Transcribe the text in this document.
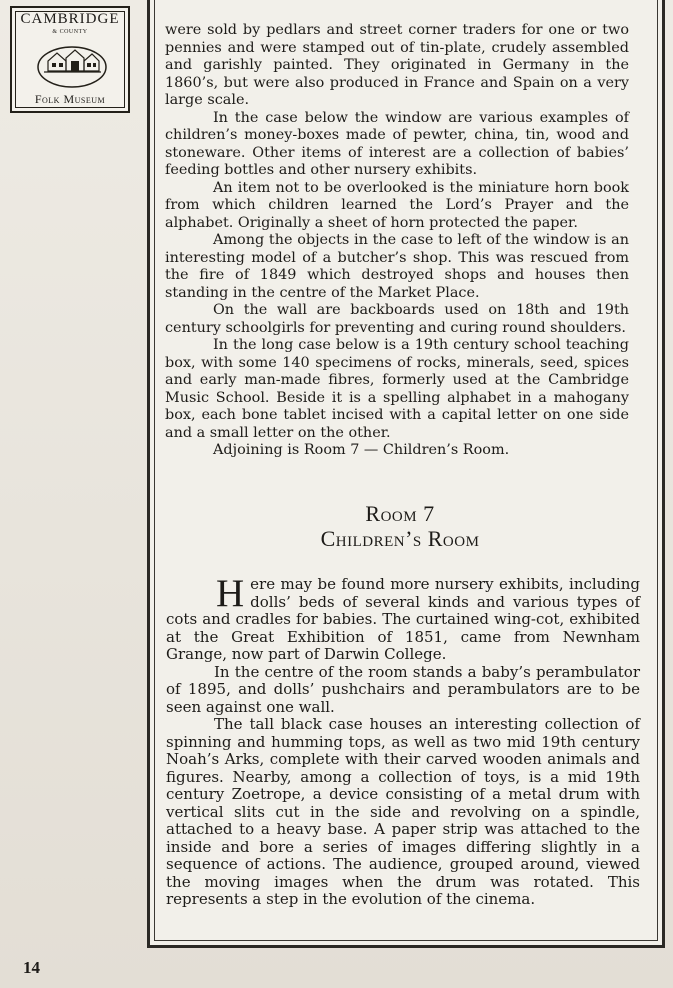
CAMBRIDGE
& COUNTY
Folk Museum

were sold by pedlars and street corner traders for one or two pennies and were stamped out of tin-plate, crudely assembled and garishly painted. They originated in Germany in the 1860’s, but were also produced in France and Spain on a very large scale.

In the case below the window are various examples of children’s money-boxes made of pewter, china, tin, wood and stoneware. Other items of interest are a collection of babies’ feeding bottles and other nursery exhibits.

An item not to be overlooked is the miniature horn book from which children learned the Lord’s Prayer and the alphabet. Originally a sheet of horn protected the paper.

Among the objects in the case to left of the window is an interesting model of a butcher’s shop. This was rescued from the fire of 1849 which destroyed shops and houses then standing in the centre of the Market Place.

On the wall are backboards used on 18th and 19th century schoolgirls for preventing and curing round shoulders.

In the long case below is a 19th century school teaching box, with some 140 specimens of rocks, minerals, seed, spices and early man-made fibres, formerly used at the Cambridge Music School. Beside it is a spelling alphabet in a mahogany box, each bone tablet incised with a capital letter on one side and a small letter on the other.

Adjoining is Room 7 — Children’s Room.

Room 7
Children’s Room

Here may be found more nursery exhibits, including dolls’ beds of several kinds and various types of cots and cradles for babies. The curtained wing-cot, exhibited at the Great Exhibition of 1851, came from Newnham Grange, now part of Darwin College.

In the centre of the room stands a baby’s perambulator of 1895, and dolls’ pushchairs and perambulators are to be seen against one wall.

The tall black case houses an interesting collection of spinning and humming tops, as well as two mid 19th century Noah’s Arks, complete with their carved wooden animals and figures. Nearby, among a collection of toys, is a mid 19th century Zoetrope, a device consisting of a metal drum with vertical slits cut in the side and revolving on a spindle, attached to a heavy base. A paper strip was attached to the inside and bore a series of images differing slightly in a sequence of actions. The audience, grouped around, viewed the moving images when the drum was rotated. This represents a step in the evolution of the cinema.

14
